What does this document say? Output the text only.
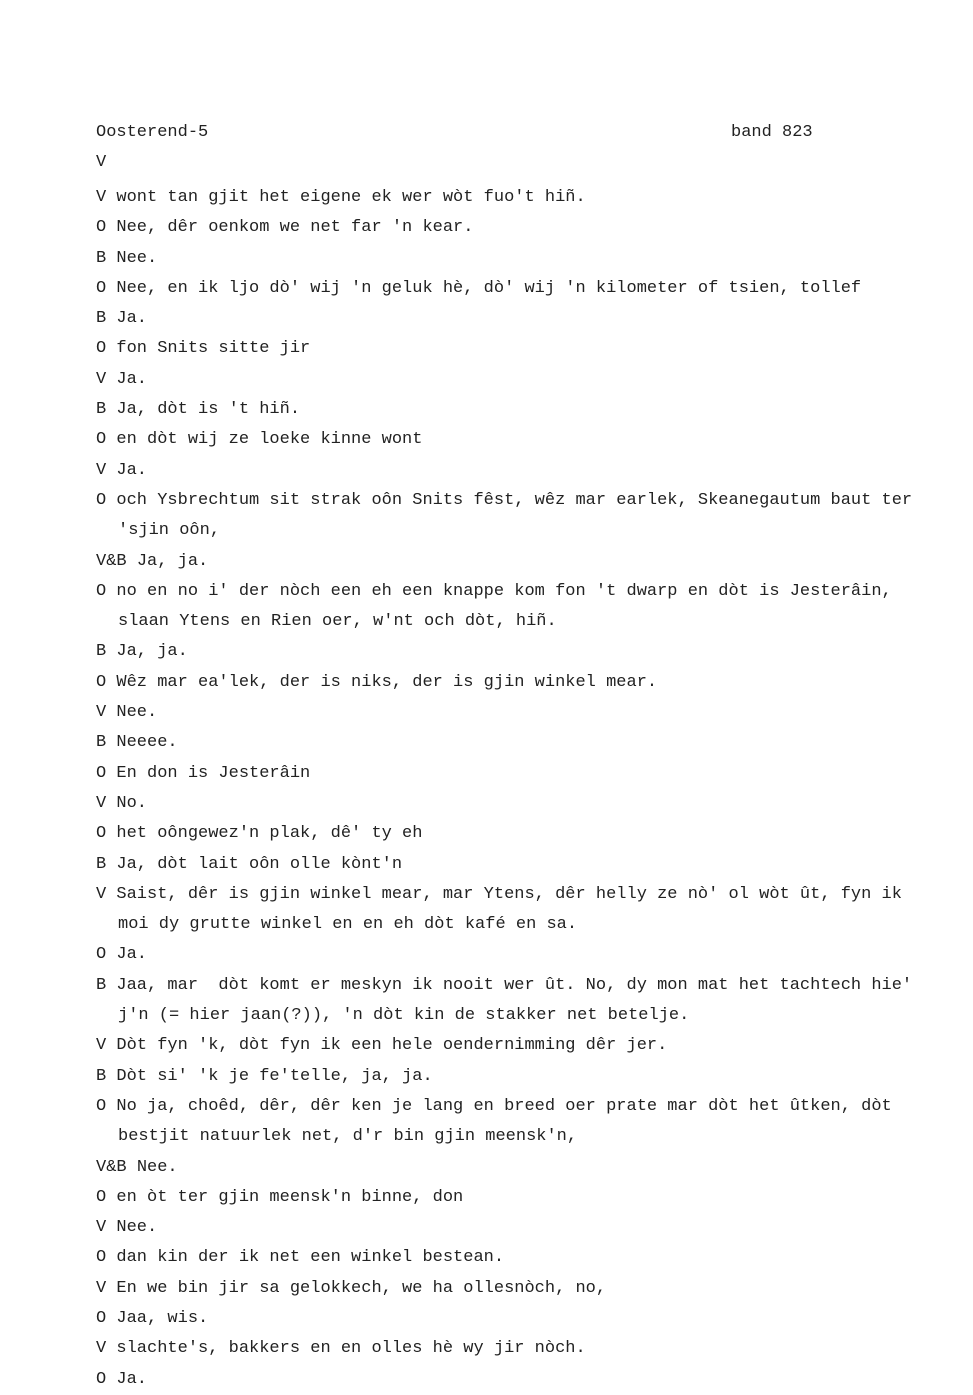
Oosterend-5	band 823
V
V wont tan gjit het eigene ek wer wòt fuo't hiñ.
O Nee, dêr oenkom we net far 'n kear.
B Nee.
O Nee, en ik ljo dò' wij 'n geluk hè, dò' wij 'n kilometer of tsien, tollef
B Ja.
O fon Snits sitte jir
V Ja.
B Ja, dòt is 't hiñ.
O en dòt wij ze loeke kinne wont
V Ja.
O och Ysbrechtum sit strak oôn Snits fêst, wêz mar earlek, Skeanegautum baut ter
'sjin oôn,
V&B Ja, ja.
O no en no i' der nòch een eh een knappe kom fon 't dwarp en dòt is Jesterâin,
slaan Ytens en Rien oer, w'nt och dòt, hiñ.
B Ja, ja.
O Wêz mar ea'lek, der is niks, der is gjin winkel mear.
V Nee.
B Neeee.
O En don is Jesterâin
V No.
O het oôngewez'n plak, dê' ty eh
B Ja, dòt lait oôn olle kònt'n
V Saist, dêr is gjin winkel mear, mar Ytens, dêr helly ze nò' ol wòt ût, fyn ik
moi dy grutte winkel en en eh dòt kafé en sa.
O Ja.
B Jaa, mar  dòt komt er meskyn ik nooit wer ût. No, dy mon mat het tachtech hie'
j'n (= hier jaan(?)), 'n dòt kin de stakker net betelje.
V Dòt fyn 'k, dòt fyn ik een hele oendernimming dêr jer.
B Dòt si' 'k je fe'telle, ja, ja.
O No ja, choêd, dêr, dêr ken je lang en breed oer prate mar dòt het ûtken, dòt
bestjit natuurlek net, d'r bin gjin meensk'n,
V&B Nee.
O en òt ter gjin meensk'n binne, don
V Nee.
O dan kin der ik net een winkel bestean.
V En we bin jir sa gelokkech, we ha ollesnòch, no,
O Jaa, wis.
V slachte's, bakkers en en olles hè wy jir nòch.
O Ja.
